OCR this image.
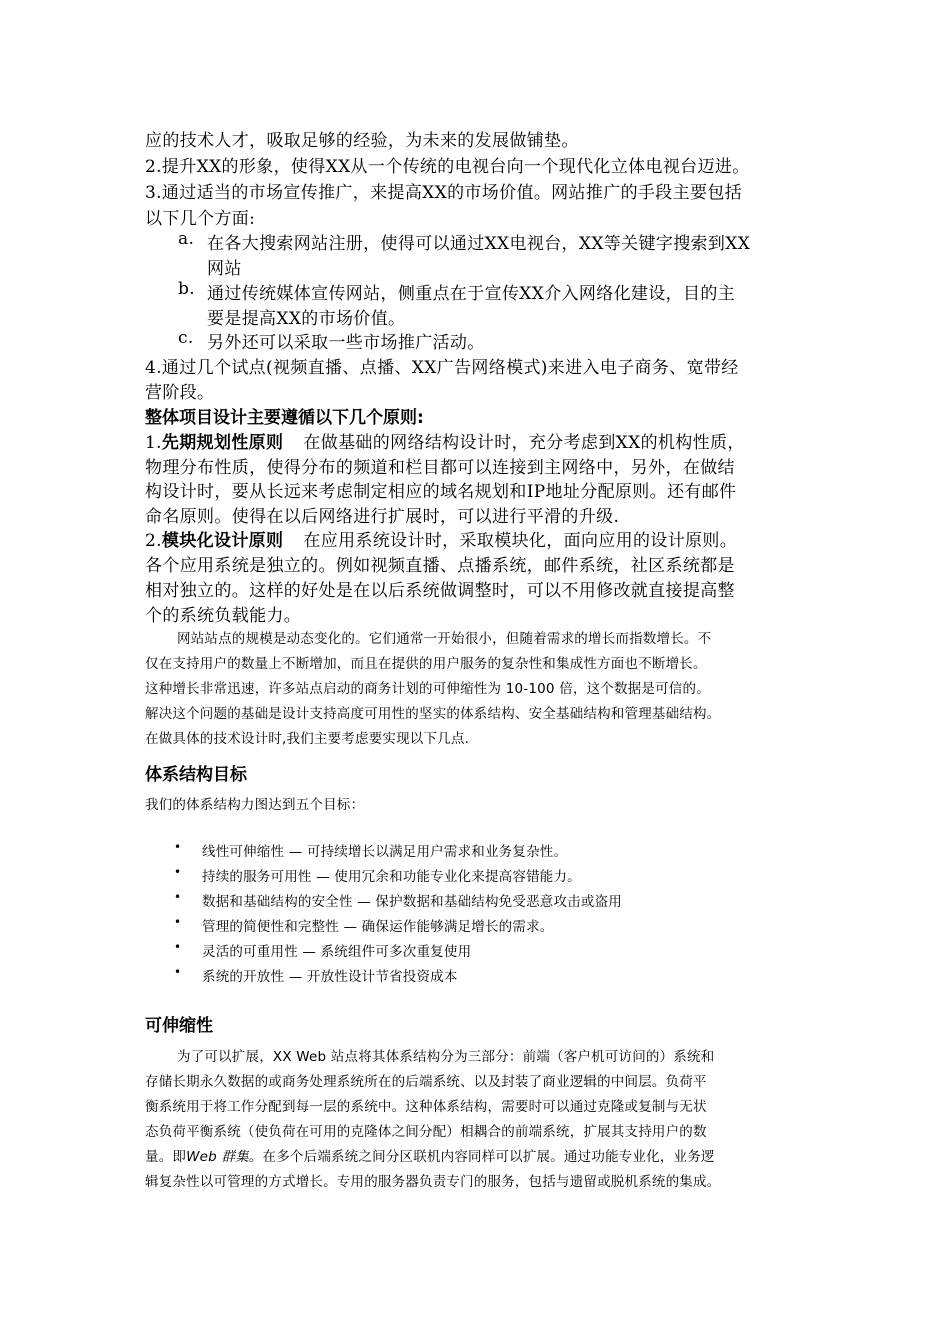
应的技术人才，吸取足够的经验，为未来的发展做铺垫。
2.提升XX的形象，使得XX从一个传统的电视台向一个现代化立体电视台迈进。
3.通过适当的市场宣传推广，来提高XX的市场价值。网站推广的手段主要包括
以下几个方面:
a. 在各大搜索网站注册，使得可以通过XX电视台，XX等关键字搜索到XX
网站
b. 通过传统媒体宣传网站，侧重点在于宣传XX介入网络化建设，目的主
要是提高XX的市场价值。
c. 另外还可以采取一些市场推广活动。
4.通过几个试点(视频直播、点播、XX广告网络模式)来进入电子商务、宽带经
营阶段。
整体项目设计主要遵循以下几个原则:
1.先期规划性原则 在做基础的网络结构设计时，充分考虑到XX的机构性质，
物理分布性质，使得分布的频道和栏目都可以连接到主网络中，另外，在做结
构设计时，要从长远来考虑制定相应的域名规划和IP地址分配原则。还有邮件
命名原则。使得在以后网络进行扩展时，可以进行平滑的升级.
2.模块化设计原则 在应用系统设计时，采取模块化，面向应用的设计原则。
各个应用系统是独立的。例如视频直播、点播系统，邮件系统，社区系统都是
相对独立的。这样的好处是在以后系统做调整时，可以不用修改就直接提高整
个的系统负载能力。
网站站点的规模是动态变化的。它们通常一开始很小，但随着需求的增长而指数增长。不
仅在支持用户的数量上不断增加，而且在提供的用户服务的复杂性和集成性方面也不断增长。
这种增长非常迅速，许多站点启动的商务计划的可伸缩性为 10-100 倍，这个数据是可信的。
解决这个问题的基础是设计支持高度可用性的坚实的体系结构、安全基础结构和管理基础结构。
在做具体的技术设计时,我们主要考虑要实现以下几点.
体系结构目标
我们的体系结构力图达到五个目标：
• 线性可伸缩性 — 可持续增长以满足用户需求和业务复杂性。
• 持续的服务可用性 — 使用冗余和功能专业化来提高容错能力。
• 数据和基础结构的安全性 — 保护数据和基础结构免受恶意攻击或盗用
• 管理的简便性和完整性 — 确保运作能够满足增长的需求。
• 灵活的可重用性 — 系统组件可多次重复使用
• 系统的开放性 — 开放性设计节省投资成本
可伸缩性
为了可以扩展，XX Web 站点将其体系结构分为三部分：前端（客户机可访问的）系统和
存储长期永久数据的或商务处理系统所在的后端系统、以及封装了商业逻辑的中间层。负荷平
衡系统用于将工作分配到每一层的系统中。这种体系结构，需要时可以通过克隆或复制与无状
态负荷平衡系统（使负荷在可用的克隆体之间分配）相耦合的前端系统，扩展其支持用户的数
量。即Web 群集。在多个后端系统之间分区联机内容同样可以扩展。通过功能专业化，业务逻
辑复杂性以可管理的方式增长。专用的服务器负责专门的服务，包括与遗留或脱机系统的集成。
